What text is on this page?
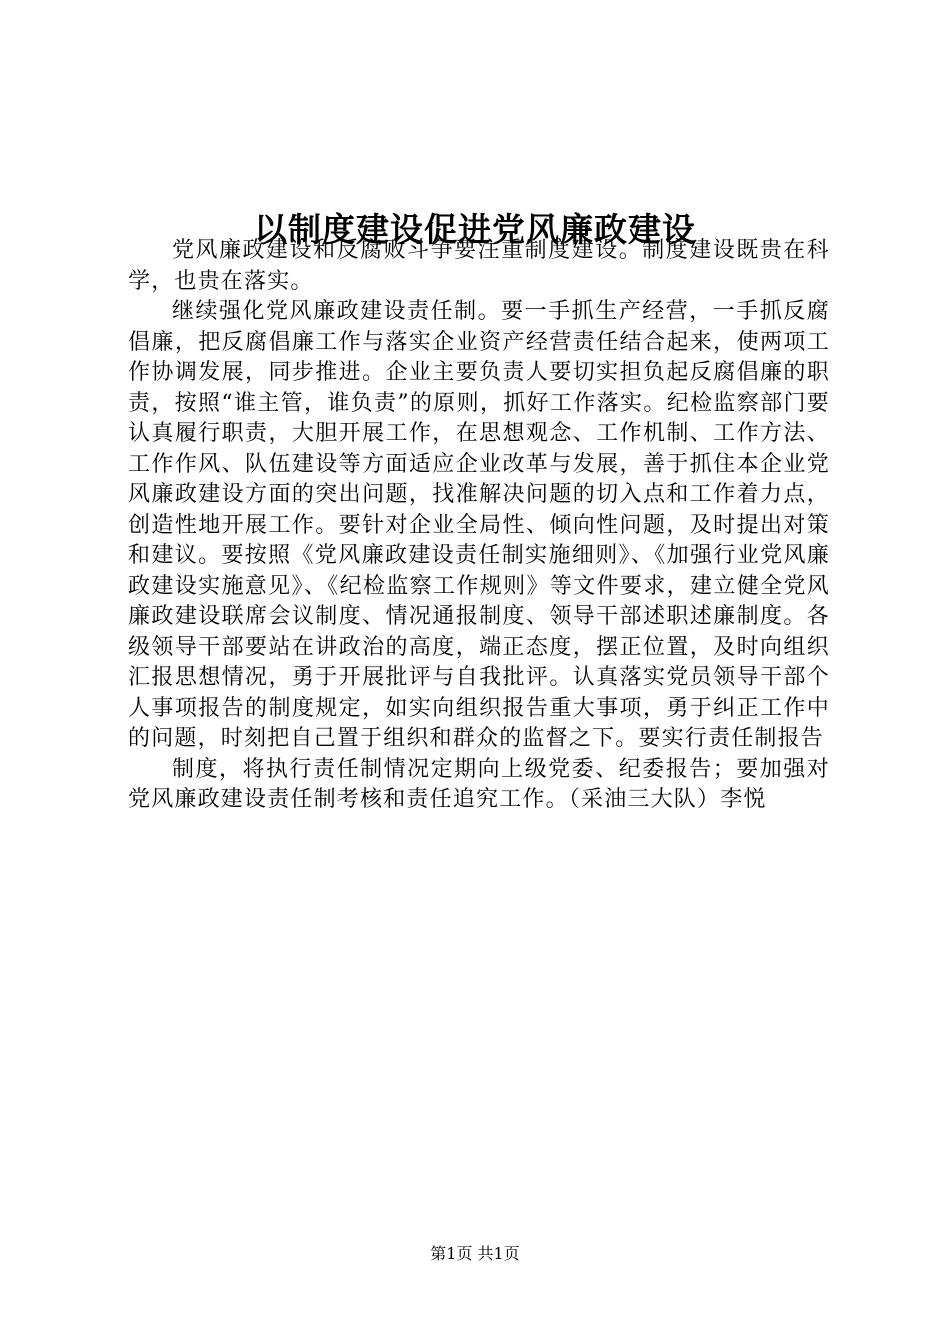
以制度建设促进党风廉政建设

党风廉政建设和反腐败斗争要注重制度建设。制度建设既贵在科学，也贵在落实。

继续强化党风廉政建设责任制。要一手抓生产经营，一手抓反腐倡廉，把反腐倡廉工作与落实企业资产经营责任结合起来，使两项工作协调发展，同步推进。企业主要负责人要切实担负起反腐倡廉的职责，按照“谁主管，谁负责”的原则，抓好工作落实。纪检监察部门要认真履行职责，大胆开展工作，在思想观念、工作机制、工作方法、工作作风、队伍建设等方面适应企业改革与发展，善于抓住本企业党风廉政建设方面的突出问题，找准解决问题的切入点和工作着力点，创造性地开展工作。要针对企业全局性、倾向性问题，及时提出对策和建议。要按照《党风廉政建设责任制实施细则》、《加强行业党风廉政建设实施意见》、《纪检监察工作规则》等文件要求，建立健全党风廉政建设联席会议制度、情况通报制度、领导干部述职述廉制度。各级领导干部要站在讲政治的高度，端正态度，摆正位置，及时向组织汇报思想情况，勇于开展批评与自我批评。认真落实党员领导干部个人事项报告的制度规定，如实向组织报告重大事项，勇于纠正工作中的问题，时刻把自己置于组织和群众的监督之下。要实行责任制报告

制度，将执行责任制情况定期向上级党委、纪委报告；要加强对党风廉政建设责任制考核和责任追究工作。（采油三大队）李悦

第1页 共1页
